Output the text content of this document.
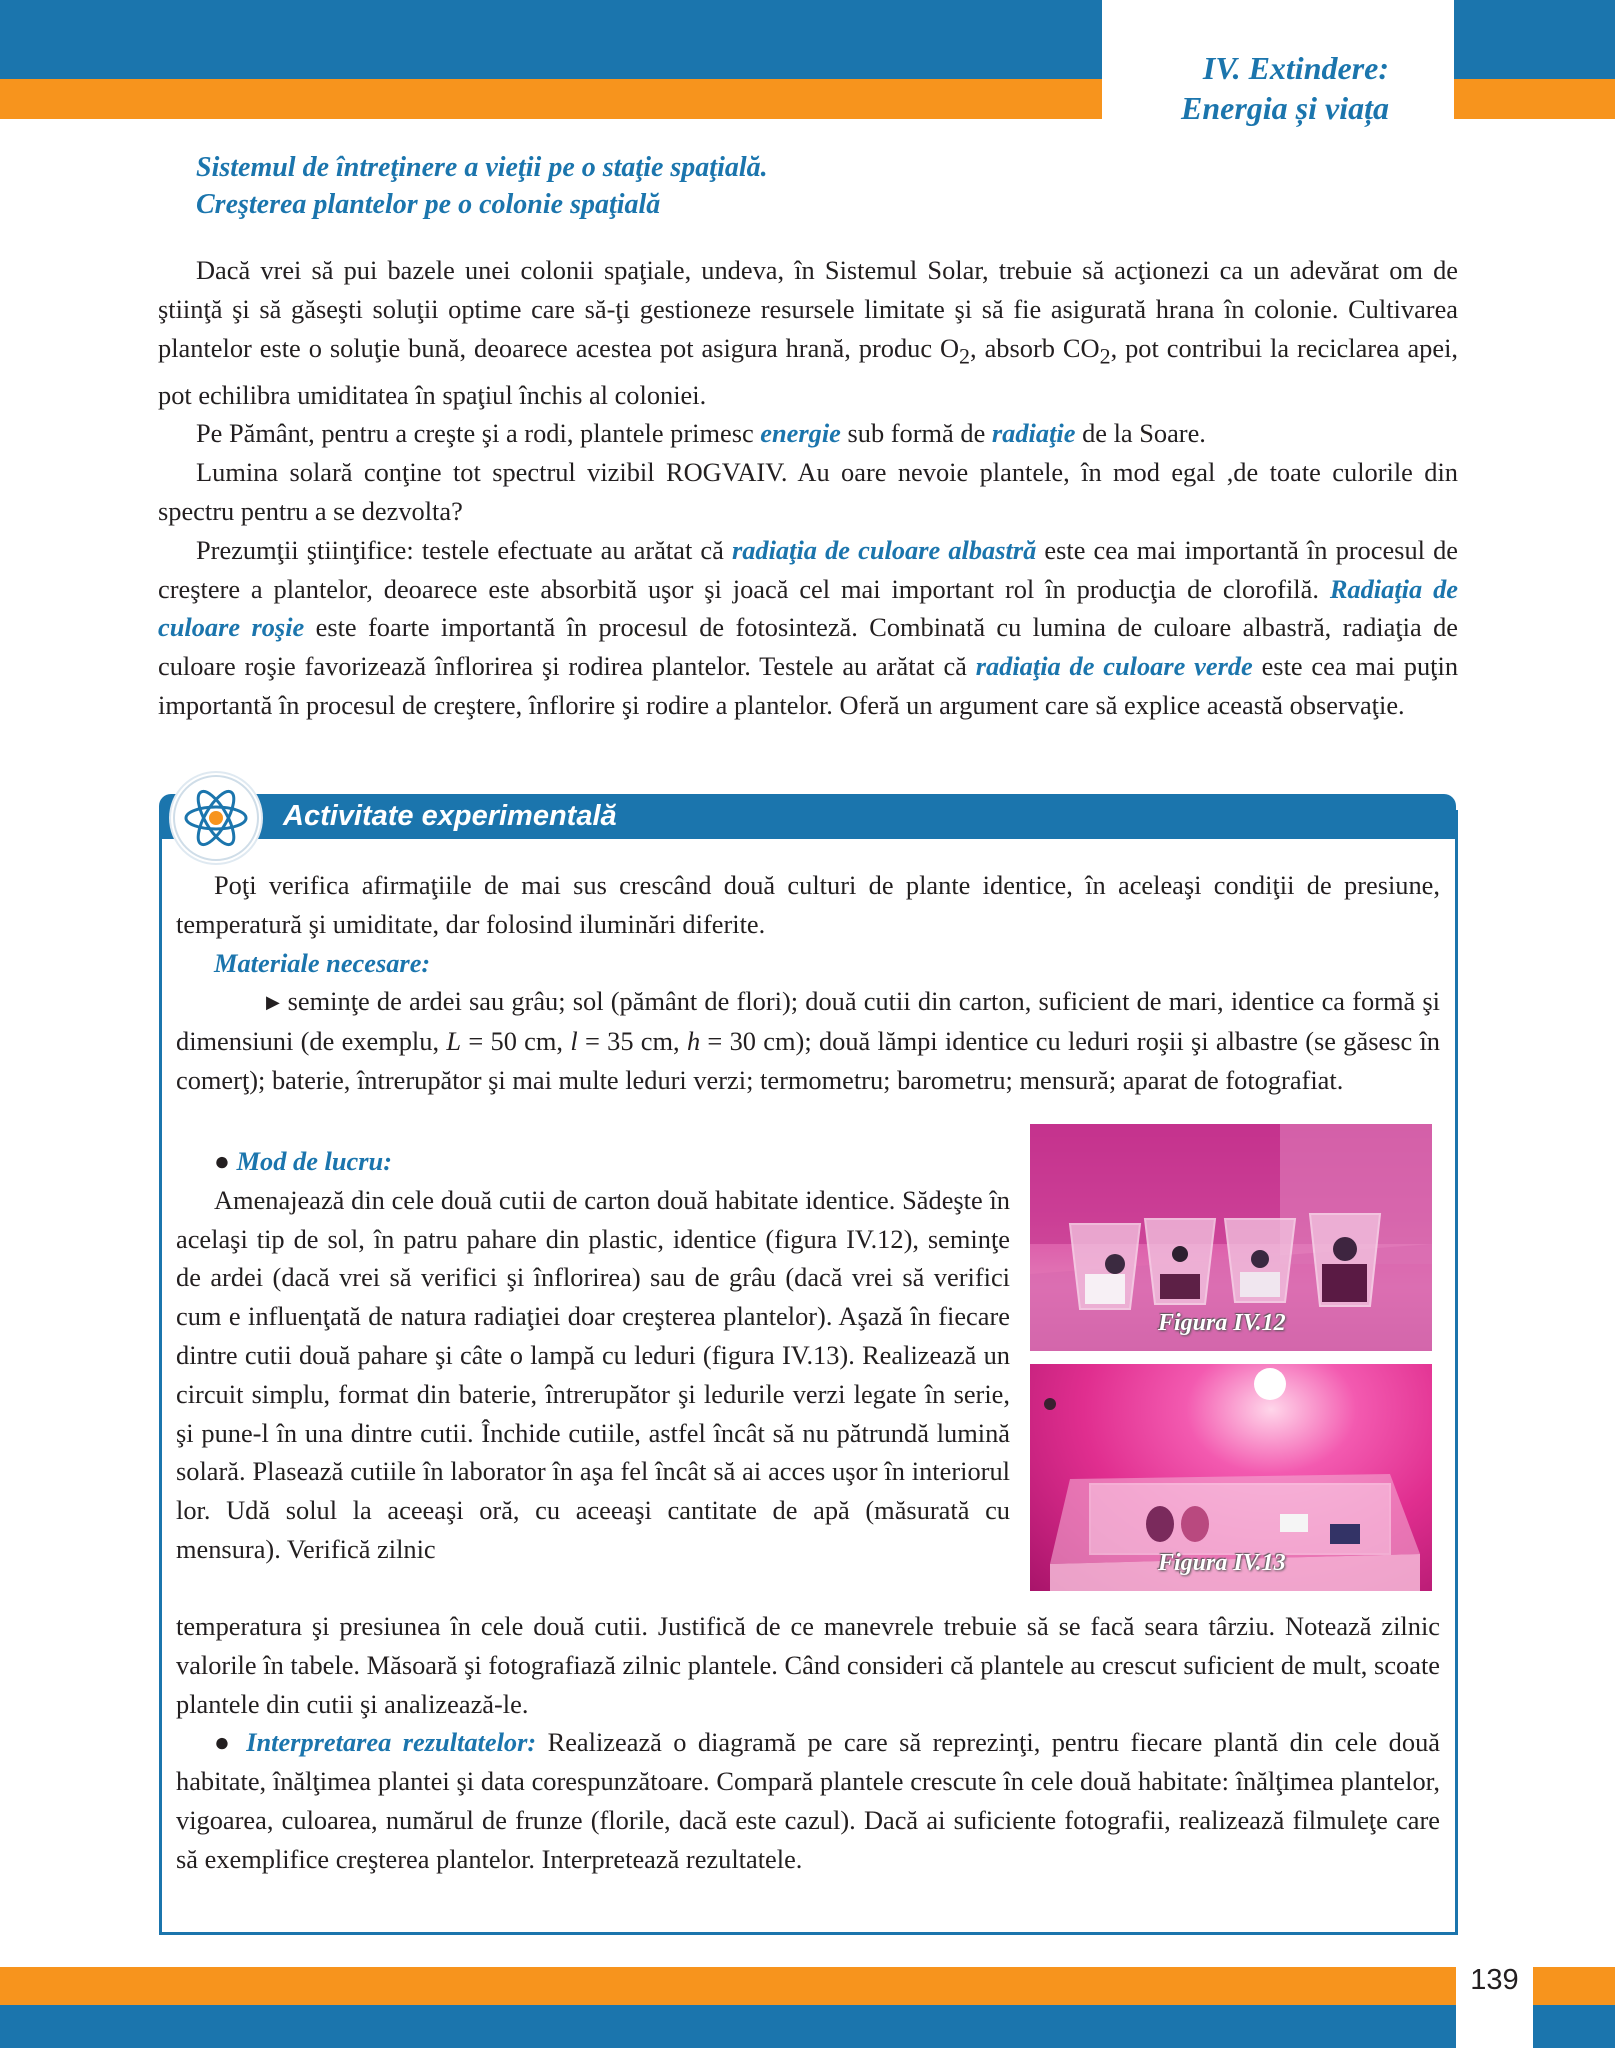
IV. Extindere:
Energia și viața
Sistemul de întreţinere a vieţii pe o staţie spaţială.
Creşterea plantelor pe o colonie spaţială

Dacă vrei să pui bazele unei colonii spaţiale, undeva, în Sistemul Solar, trebuie să acţionezi ca un adevărat om de ştiinţă şi să găseşti soluţii optime care să-ţi gestioneze resursele limitate şi să fie asigurată hrana în colonie. Cultivarea plantelor este o soluţie bună, deoarece acestea pot asigura hrană, produc $O_2$, absorb $CO_2$, pot contribui la reciclarea apei, pot echilibra umiditatea în spaţiul închis al coloniei.

Pe Pământ, pentru a creşte şi a rodi, plantele primesc energie sub formă de radiaţie de la Soare.

Lumina solară conţine tot spectrul vizibil ROGVAIV. Au oare nevoie plantele, în mod egal ,de toate culorile din spectru pentru a se dezvolta?

Prezumţii ştiinţifice: testele efectuate au arătat că radiaţia de culoare albastră este cea mai importantă în procesul de creştere a plantelor, deoarece este absorbită uşor şi joacă cel mai important rol în producţia de clorofilă. Radiaţia de culoare roşie este foarte importantă în procesul de fotosinteză. Combinată cu lumina de culoare albastră, radiaţia de culoare roşie favorizează înflorirea şi rodirea plantelor. Testele au arătat că radiaţia de culoare verde este cea mai puţin importantă în procesul de creştere, înflorire şi rodire a plantelor. Oferă un argument care să explice această observaţie.

Activitate experimentală

Poţi verifica afirmaţiile de mai sus crescând două culturi de plante identice, în aceleaşi condiţii de presiune, temperatură şi umiditate, dar folosind iluminări diferite.

Materiale necesare:

▶ seminţe de ardei sau grâu; sol (pământ de flori); două cutii din carton, suficient de mari, identice ca formă şi dimensiuni (de exemplu, L = 50 cm, l = 35 cm, h = 30 cm); două lămpi identice cu leduri roşii şi albastre (se găsesc în comerţ); baterie, întrerupător şi mai multe leduri verzi; termometru; barometru; mensură; aparat de fotografiat.

● Mod de lucru:

Amenajează din cele două cutii de carton două habitate identice. Sădeşte în acelaşi tip de sol, în patru pahare din plastic, identice (figura IV.12), seminţe de ardei (dacă vrei să verifici şi înflorirea) sau de grâu (dacă vrei să verifici cum e influenţată de natura radiaţiei doar creşterea plantelor). Aşază în fiecare dintre cutii două pahare şi câte o lampă cu leduri (figura IV.13). Realizează un circuit simplu, format din baterie, întrerupător şi ledurile verzi legate în serie, şi pune-l în una dintre cutii. Închide cutiile, astfel încât să nu pătrundă lumină solară. Plasează cutiile în laborator în aşa fel încât să ai acces uşor în interiorul lor. Udă solul la aceeaşi oră, cu aceeaşi cantitate de apă (măsurată cu mensura). Verifică zilnic

temperatura şi presiunea în cele două cutii. Justifică de ce manevrele trebuie să se facă seara târziu. Notează zilnic valorile în tabele. Măsoară şi fotografiază zilnic plantele. Când consideri că plantele au crescut suficient de mult, scoate plantele din cutii şi analizează-le.

● Interpretarea rezultatelor: Realizează o diagramă pe care să reprezinţi, pentru fiecare plantă din cele două habitate, înălţimea plantei şi data corespunzătoare. Compară plantele crescute în cele două habitate: înălţimea plantelor, vigoarea, culoarea, numărul de frunze (florile, dacă este cazul). Dacă ai suficiente fotografii, realizează filmuleţe care să exemplifice creşterea plantelor. Interpretează rezultatele.

Figura IV.12
Figura IV.13
139
